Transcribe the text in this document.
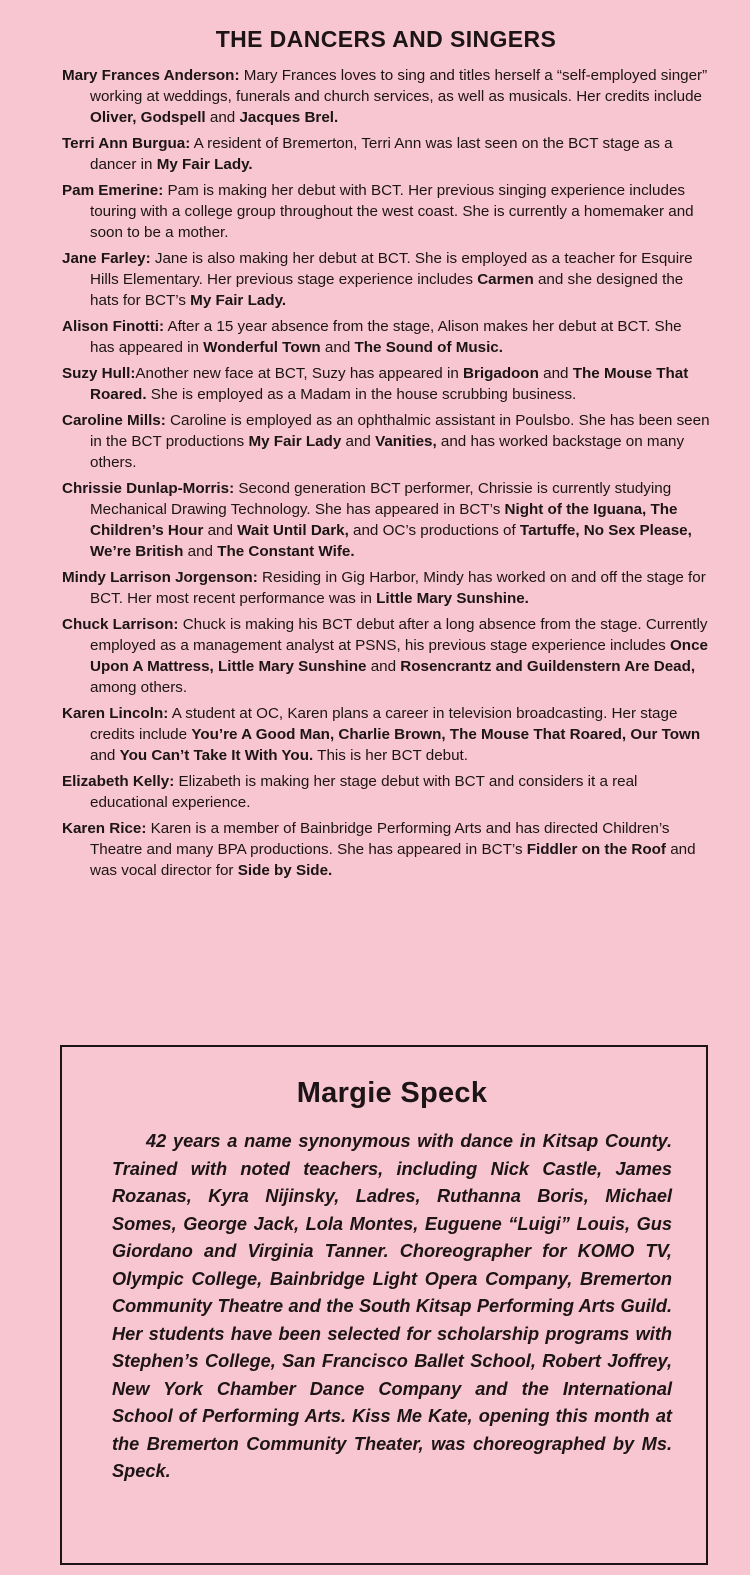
THE DANCERS AND SINGERS
Mary Frances Anderson: Mary Frances loves to sing and titles herself a “self-employed singer” working at weddings, funerals and church services, as well as musicals. Her credits include Oliver, Godspell and Jacques Brel.
Terri Ann Burgua: A resident of Bremerton, Terri Ann was last seen on the BCT stage as a dancer in My Fair Lady.
Pam Emerine: Pam is making her debut with BCT. Her previous singing experience includes touring with a college group throughout the west coast. She is currently a homemaker and soon to be a mother.
Jane Farley: Jane is also making her debut at BCT. She is employed as a teacher for Esquire Hills Elementary. Her previous stage experience includes Carmen and she designed the hats for BCT’s My Fair Lady.
Alison Finotti: After a 15 year absence from the stage, Alison makes her debut at BCT. She has appeared in Wonderful Town and The Sound of Music.
Suzy Hull:Another new face at BCT, Suzy has appeared in Brigadoon and The Mouse That Roared. She is employed as a Madam in the house scrubbing business.
Caroline Mills: Caroline is employed as an ophthalmic assistant in Poulsbo. She has been seen in the BCT productions My Fair Lady and Vanities, and has worked backstage on many others.
Chrissie Dunlap-Morris: Second generation BCT performer, Chrissie is currently studying Mechanical Drawing Technology. She has appeared in BCT’s Night of the Iguana, The Children’s Hour and Wait Until Dark, and OC’s productions of Tartuffe, No Sex Please, We’re British and The Constant Wife.
Mindy Larrison Jorgenson: Residing in Gig Harbor, Mindy has worked on and off the stage for BCT. Her most recent performance was in Little Mary Sunshine.
Chuck Larrison: Chuck is making his BCT debut after a long absence from the stage. Currently employed as a management analyst at PSNS, his previous stage experience includes Once Upon A Mattress, Little Mary Sunshine and Rosencrantz and Guildenstern Are Dead, among others.
Karen Lincoln: A student at OC, Karen plans a career in television broadcasting. Her stage credits include You’re A Good Man, Charlie Brown, The Mouse That Roared, Our Town and You Can’t Take It With You. This is her BCT debut.
Elizabeth Kelly: Elizabeth is making her stage debut with BCT and considers it a real educational experience.
Karen Rice: Karen is a member of Bainbridge Performing Arts and has directed Children’s Theatre and many BPA productions. She has appeared in BCT’s Fiddler on the Roof and was vocal director for Side by Side.
Margie Speck

42 years a name synonymous with dance in Kitsap County. Trained with noted teachers, including Nick Castle, James Rozanas, Kyra Nijinsky, Ladres, Ruthanna Boris, Michael Somes, George Jack, Lola Montes, Euguene “Luigi” Louis, Gus Giordano and Virginia Tanner. Choreographer for KOMO TV, Olympic College, Bainbridge Light Opera Company, Bremerton Community Theatre and the South Kitsap Performing Arts Guild. Her students have been selected for scholarship programs with Stephen’s College, San Francisco Ballet School, Robert Joffrey, New York Chamber Dance Company and the International School of Performing Arts. Kiss Me Kate, opening this month at the Bremerton Community Theater, was choreographed by Ms. Speck.
